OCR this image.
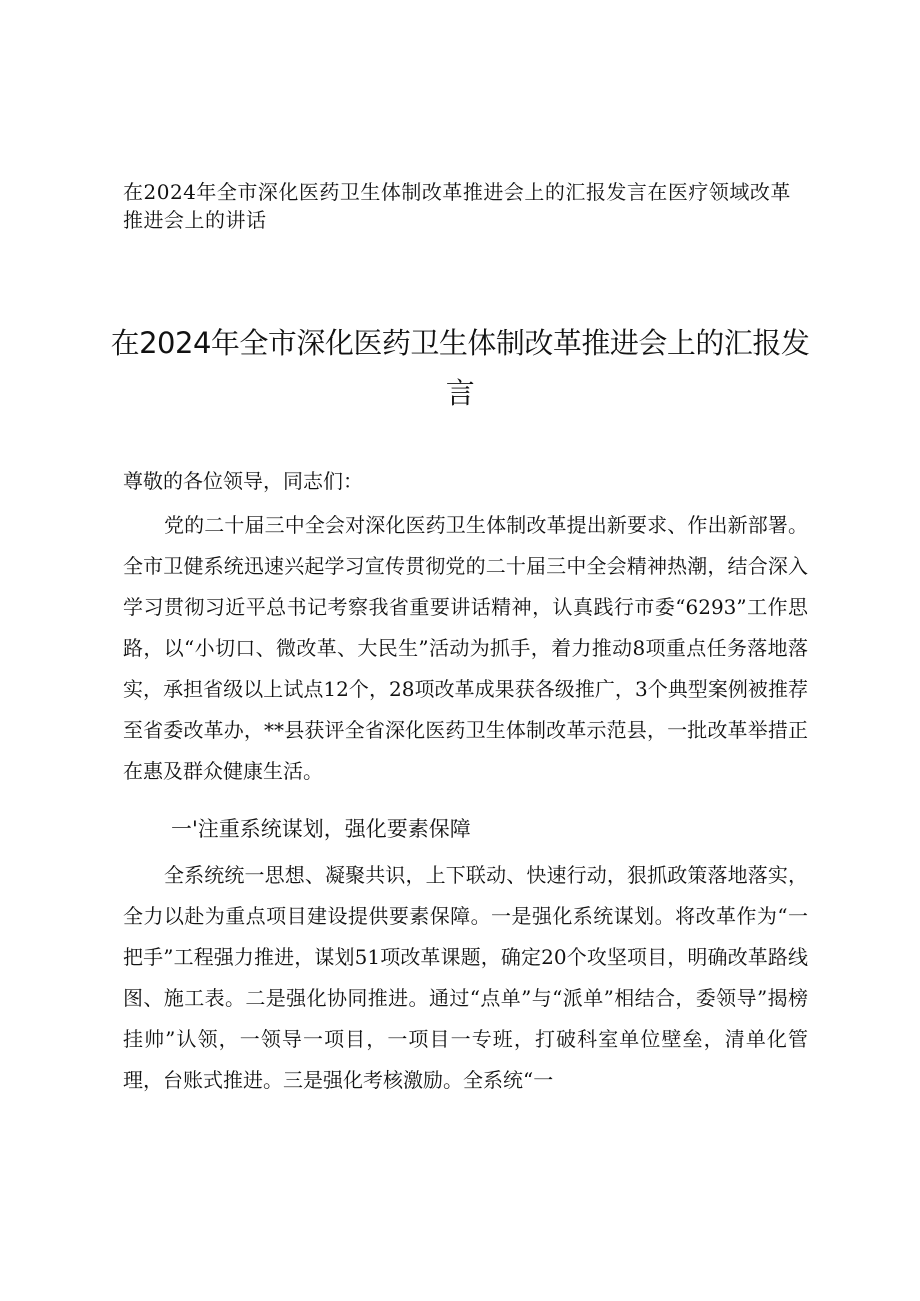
在2024年全市深化医药卫生体制改革推进会上的汇报发言在医疗领域改革推进会上的讲话
在2024年全市深化医药卫生体制改革推进会上的汇报发言
尊敬的各位领导，同志们：
党的二十届三中全会对深化医药卫生体制改革提出新要求、作出新部署。全市卫健系统迅速兴起学习宣传贯彻党的二十届三中全会精神热潮，结合深入学习贯彻习近平总书记考察我省重要讲话精神，认真践行市委“6293”工作思路，以“小切口、微改革、大民生”活动为抓手，着力推动8项重点任务落地落实，承担省级以上试点12个，28项改革成果获各级推广，3个典型案例被推荐至省委改革办，**县获评全省深化医药卫生体制改革示范县，一批改革举措正在惠及群众健康生活。
一'注重系统谋划，强化要素保障
全系统统一思想、凝聚共识，上下联动、快速行动，狠抓政策落地落实，全力以赴为重点项目建设提供要素保障。一是强化系统谋划。将改革作为“一把手”工程强力推进，谋划51项改革课题，确定20个攻坚项目，明确改革路线图、施工表。二是强化协同推进。通过“点单”与“派单”相结合，委领导”揭榜挂帅”认领，一领导一项目，一项目一专班，打破科室单位壁垒，清单化管理，台账式推进。三是强化考核激励。全系统“一
